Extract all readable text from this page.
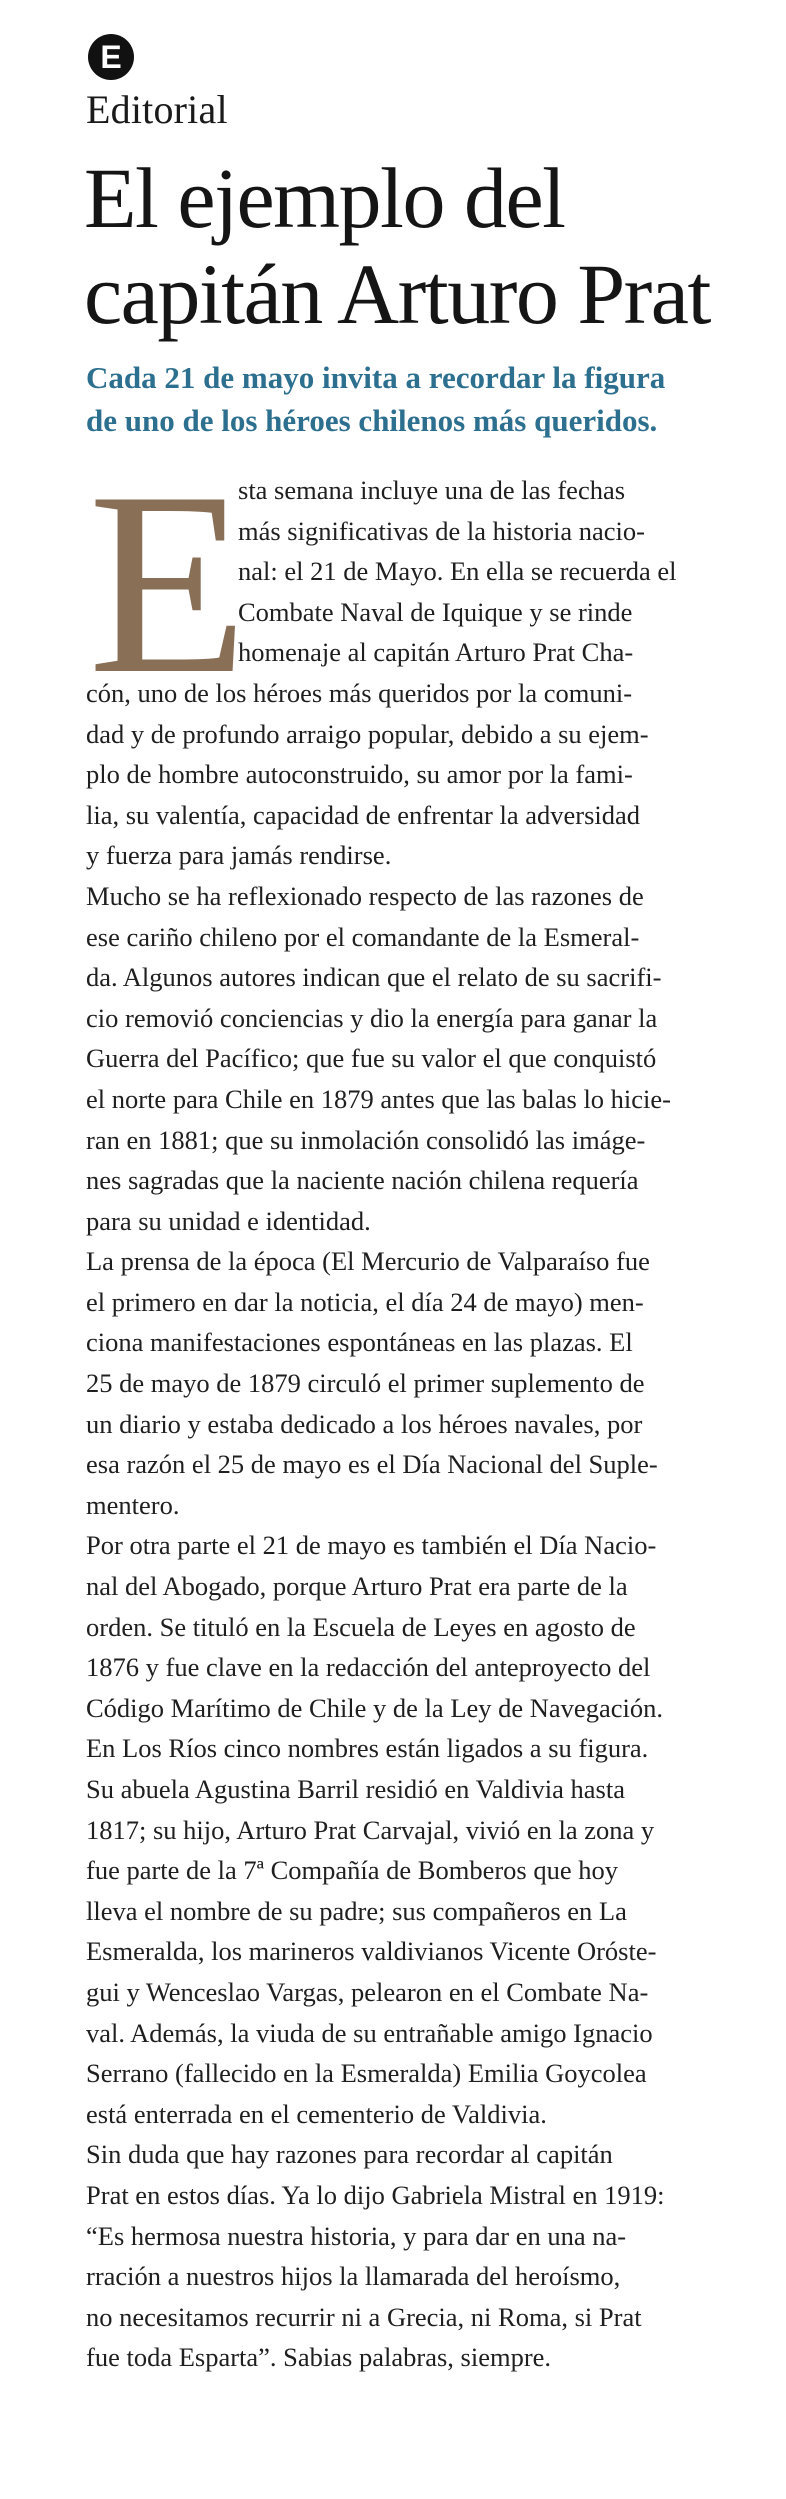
E
Editorial
El ejemplo del
capitán Arturo Prat

Cada 21 de mayo invita a recordar la figura
de uno de los héroes chilenos más queridos.

E
sta semana incluye una de las fechas
más significativas de la historia nacio-
nal: el 21 de Mayo. En ella se recuerda el
Combate Naval de Iquique y se rinde
homenaje al capitán Arturo Prat Cha-
cón, uno de los héroes más queridos por la comuni-
dad y de profundo arraigo popular, debido a su ejem-
plo de hombre autoconstruido, su amor por la fami-
lia, su valentía, capacidad de enfrentar la adversidad
y fuerza para jamás rendirse.
Mucho se ha reflexionado respecto de las razones de
ese cariño chileno por el comandante de la Esmeral-
da. Algunos autores indican que el relato de su sacrifi-
cio removió conciencias y dio la energía para ganar la
Guerra del Pacífico; que fue su valor el que conquistó
el norte para Chile en 1879 antes que las balas lo hicie-
ran en 1881; que su inmolación consolidó las imáge-
nes sagradas que la naciente nación chilena requería
para su unidad e identidad.
La prensa de la época (El Mercurio de Valparaíso fue
el primero en dar la noticia, el día 24 de mayo) men-
ciona manifestaciones espontáneas en las plazas. El
25 de mayo de 1879 circuló el primer suplemento de
un diario y estaba dedicado a los héroes navales, por
esa razón el 25 de mayo es el Día Nacional del Suple-
mentero.
Por otra parte el 21 de mayo es también el Día Nacio-
nal del Abogado, porque Arturo Prat era parte de la
orden. Se tituló en la Escuela de Leyes en agosto de
1876 y fue clave en la redacción del anteproyecto del
Código Marítimo de Chile y de la Ley de Navegación.
En Los Ríos cinco nombres están ligados a su figura.
Su abuela Agustina Barril residió en Valdivia hasta
1817; su hijo, Arturo Prat Carvajal, vivió en la zona y
fue parte de la 7ª Compañía de Bomberos que hoy
lleva el nombre de su padre; sus compañeros en La
Esmeralda, los marineros valdivianos Vicente Oróste-
gui y Wenceslao Vargas, pelearon en el Combate Na-
val. Además, la viuda de su entrañable amigo Ignacio
Serrano (fallecido en la Esmeralda) Emilia Goycolea
está enterrada en el cementerio de Valdivia.
Sin duda que hay razones para recordar al capitán
Prat en estos días. Ya lo dijo Gabriela Mistral en 1919:
“Es hermosa nuestra historia, y para dar en una na-
rración a nuestros hijos la llamarada del heroísmo,
no necesitamos recurrir ni a Grecia, ni Roma, si Prat
fue toda Esparta”. Sabias palabras, siempre.
